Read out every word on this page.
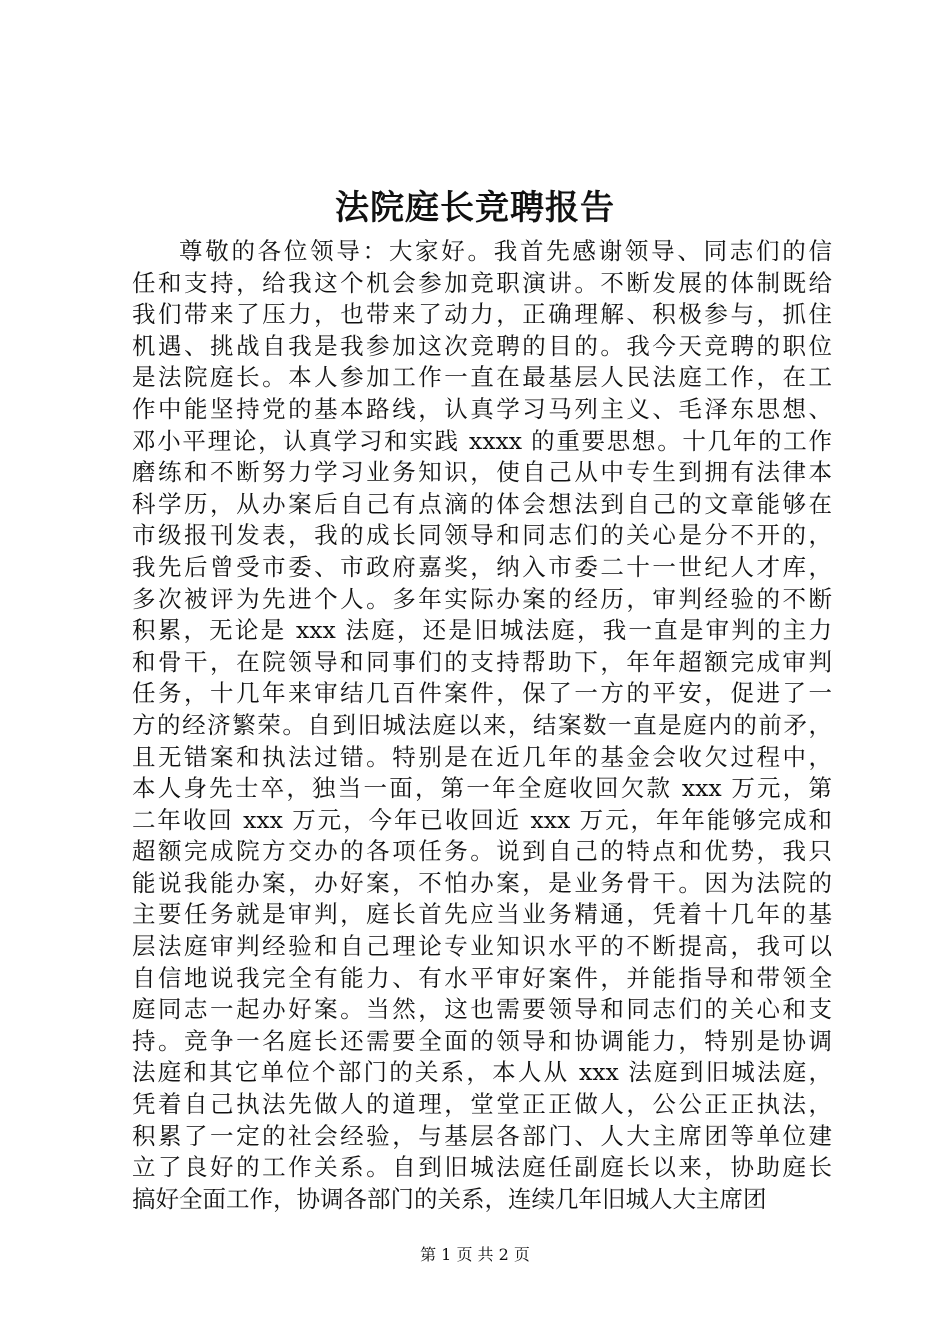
法院庭长竞聘报告

尊敬的各位领导：大家好。我首先感谢领导、同志们的信
任和支持，给我这个机会参加竞职演讲。不断发展的体制既给
我们带来了压力，也带来了动力，正确理解、积极参与，抓住
机遇、挑战自我是我参加这次竞聘的目的。我今天竞聘的职位
是法院庭长。本人参加工作一直在最基层人民法庭工作，在工
作中能坚持党的基本路线，认真学习马列主义、毛泽东思想、
邓小平理论，认真学习和实践 xxxx 的重要思想。十几年的工作
磨练和不断努力学习业务知识，使自己从中专生到拥有法律本
科学历，从办案后自己有点滴的体会想法到自己的文章能够在
市级报刊发表，我的成长同领导和同志们的关心是分不开的，
我先后曾受市委、市政府嘉奖，纳入市委二十一世纪人才库，
多次被评为先进个人。多年实际办案的经历，审判经验的不断
积累，无论是 xxx 法庭，还是旧城法庭，我一直是审判的主力
和骨干，在院领导和同事们的支持帮助下，年年超额完成审判
任务，十几年来审结几百件案件，保了一方的平安，促进了一
方的经济繁荣。自到旧城法庭以来，结案数一直是庭内的前矛，
且无错案和执法过错。特别是在近几年的基金会收欠过程中，
本人身先士卒，独当一面，第一年全庭收回欠款 xxx 万元，第
二年收回 xxx 万元，今年已收回近 xxx 万元，年年能够完成和
超额完成院方交办的各项任务。说到自己的特点和优势，我只
能说我能办案，办好案，不怕办案，是业务骨干。因为法院的
主要任务就是审判，庭长首先应当业务精通，凭着十几年的基
层法庭审判经验和自己理论专业知识水平的不断提高，我可以
自信地说我完全有能力、有水平审好案件，并能指导和带领全
庭同志一起办好案。当然，这也需要领导和同志们的关心和支
持。竞争一名庭长还需要全面的领导和协调能力，特别是协调
法庭和其它单位个部门的关系，本人从 xxx 法庭到旧城法庭，
凭着自己执法先做人的道理，堂堂正正做人，公公正正执法，
积累了一定的社会经验，与基层各部门、人大主席团等单位建
立了良好的工作关系。自到旧城法庭任副庭长以来，协助庭长
搞好全面工作，协调各部门的关系，连续几年旧城人大主席团

第 1 页 共 2 页
